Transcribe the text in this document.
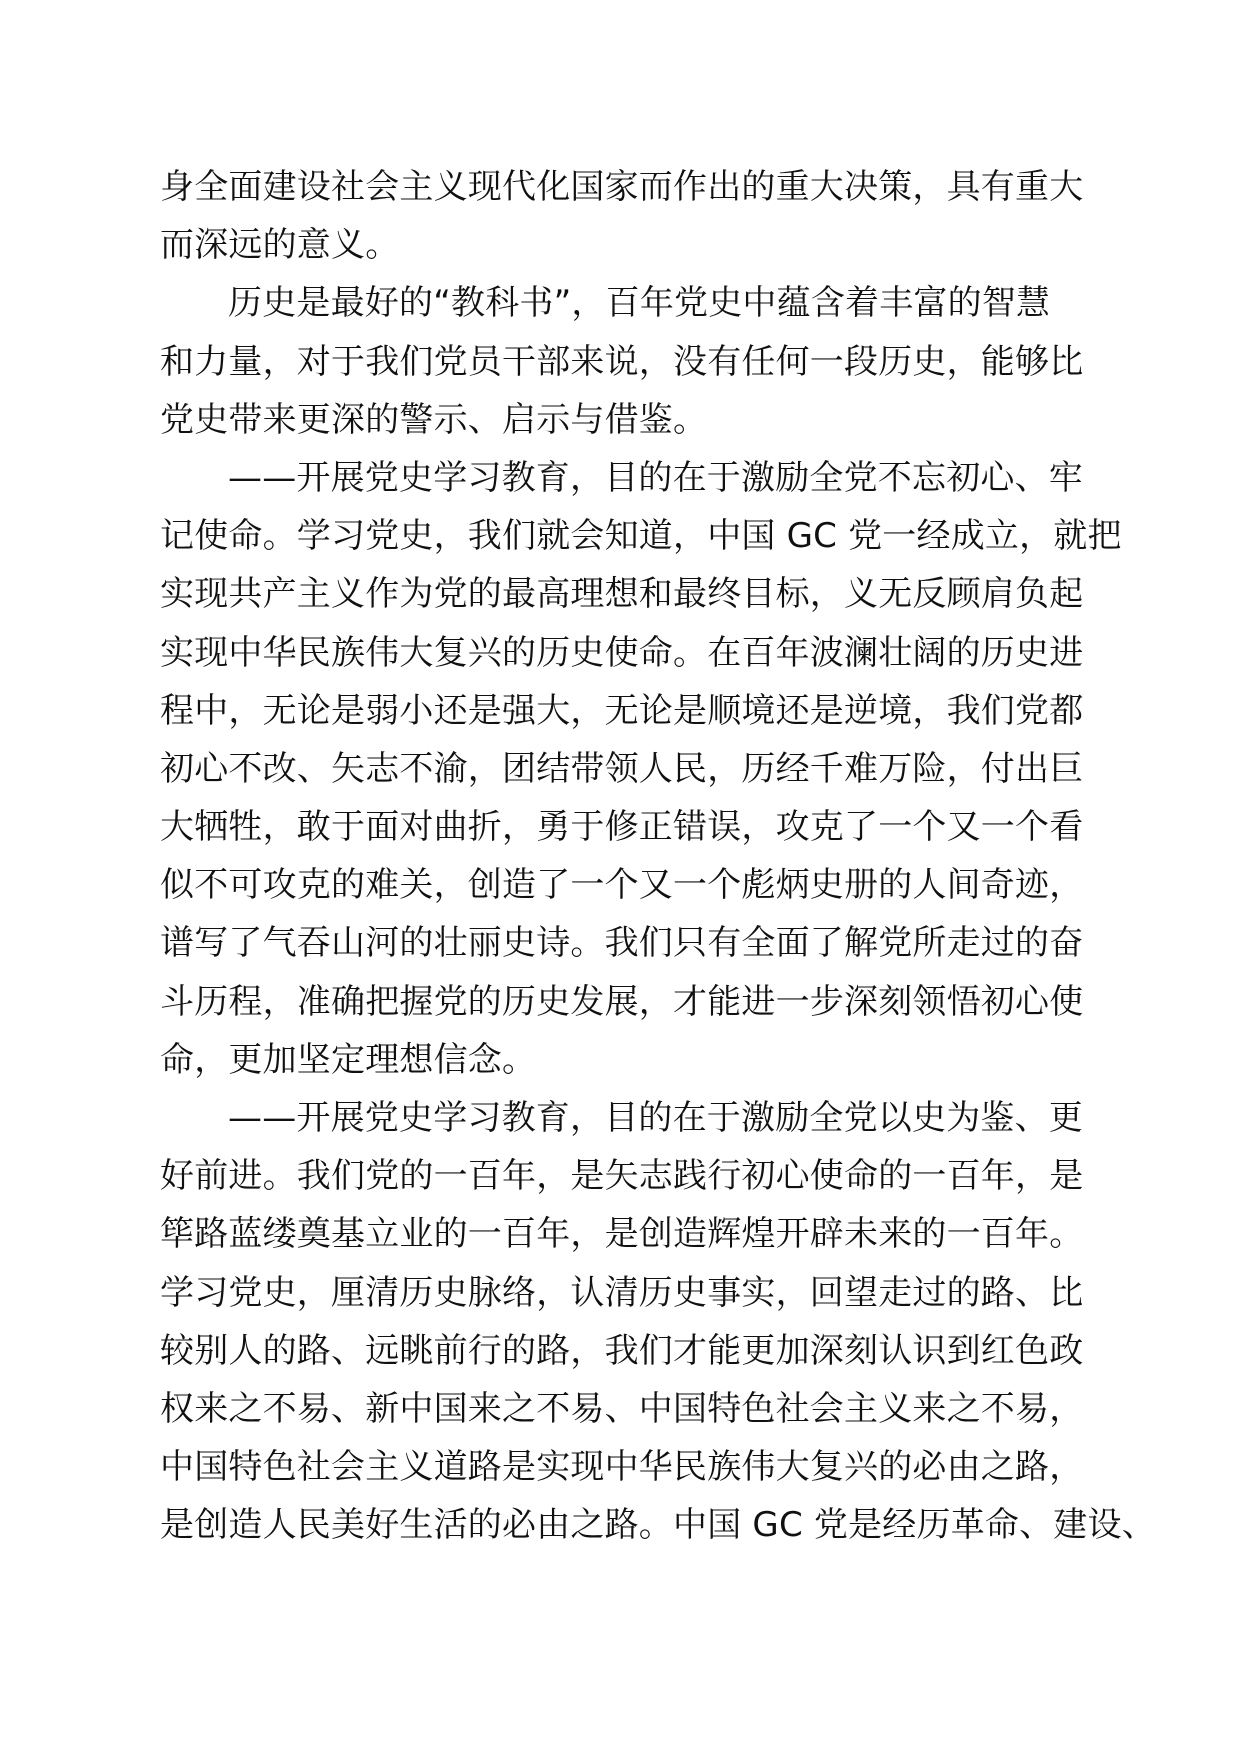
身全面建设社会主义现代化国家而作出的重大决策，具有重大
而深远的意义。
历史是最好的“教科书”，百年党史中蕴含着丰富的智慧
和力量，对于我们党员干部来说，没有任何一段历史，能够比
党史带来更深的警示、启示与借鉴。
——开展党史学习教育，目的在于激励全党不忘初心、牢
记使命。学习党史，我们就会知道，中国 GC 党一经成立，就把
实现共产主义作为党的最高理想和最终目标，义无反顾肩负起
实现中华民族伟大复兴的历史使命。在百年波澜壮阔的历史进
程中，无论是弱小还是强大，无论是顺境还是逆境，我们党都
初心不改、矢志不渝，团结带领人民，历经千难万险，付出巨
大牺牲，敢于面对曲折，勇于修正错误，攻克了一个又一个看
似不可攻克的难关，创造了一个又一个彪炳史册的人间奇迹，
谱写了气吞山河的壮丽史诗。我们只有全面了解党所走过的奋
斗历程，准确把握党的历史发展，才能进一步深刻领悟初心使
命，更加坚定理想信念。
——开展党史学习教育，目的在于激励全党以史为鉴、更
好前进。我们党的一百年，是矢志践行初心使命的一百年，是
筚路蓝缕奠基立业的一百年，是创造辉煌开辟未来的一百年。
学习党史，厘清历史脉络，认清历史事实，回望走过的路、比
较别人的路、远眺前行的路，我们才能更加深刻认识到红色政
权来之不易、新中国来之不易、中国特色社会主义来之不易，
中国特色社会主义道路是实现中华民族伟大复兴的必由之路，
是创造人民美好生活的必由之路。中国 GC 党是经历革命、建设、
